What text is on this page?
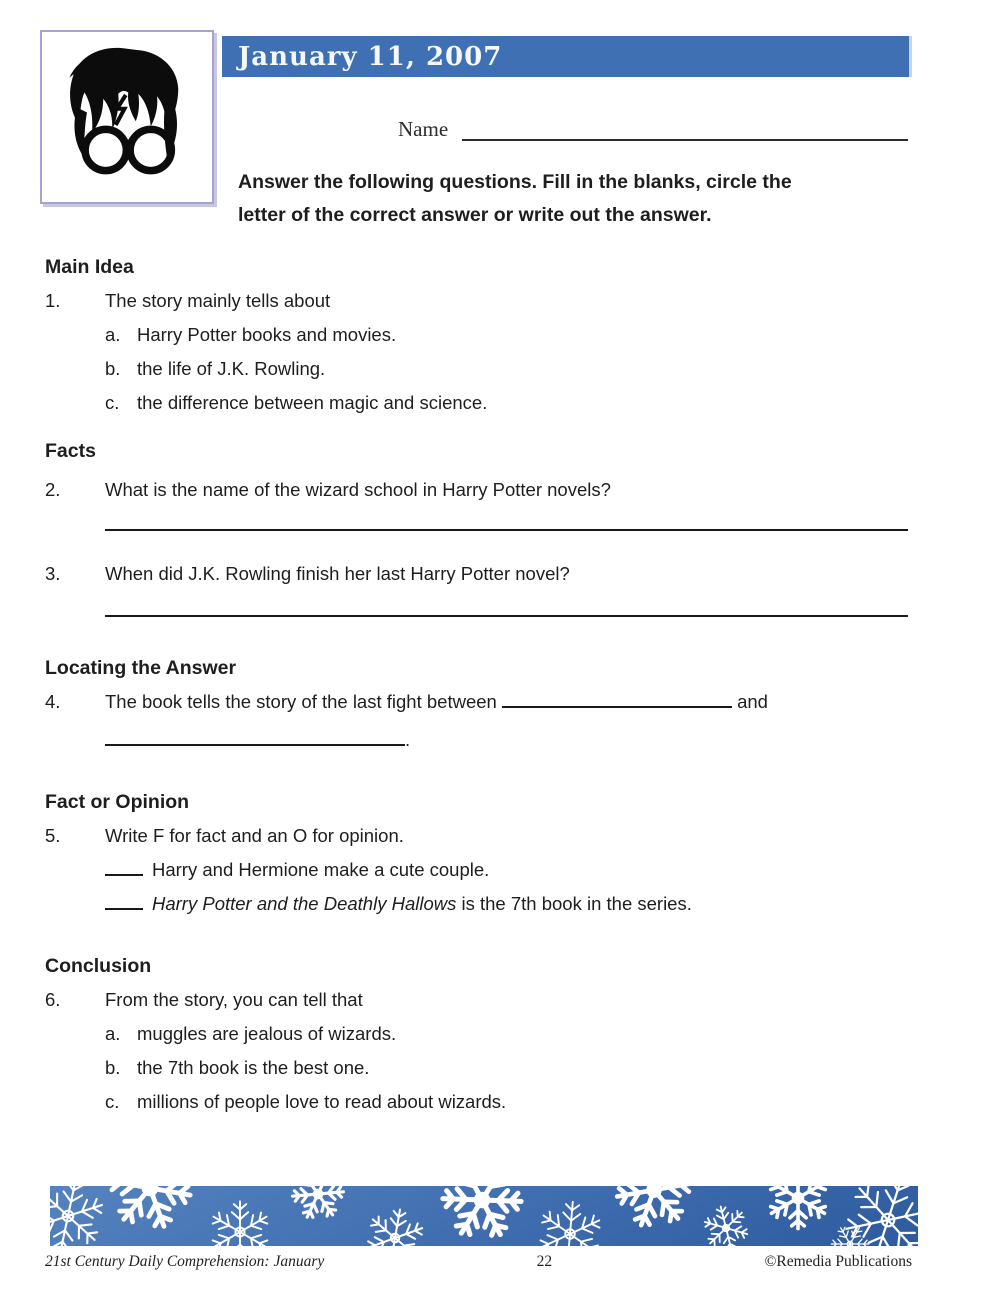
January 11, 2007
Name
Answer the following questions. Fill in the blanks, circle the
letter of the correct answer or write out the answer.
Main Idea
1.	The story mainly tells about
a. Harry Potter books and movies.
b. the life of J.K. Rowling.
c. the difference between magic and science.
Facts
2.	What is the name of the wizard school in Harry Potter novels?
3.	When did J.K. Rowling finish her last Harry Potter novel?
Locating the Answer
4.	The book tells the story of the last fight between	and
.
Fact or Opinion
5.	Write F for fact and an O for opinion.
Harry and Hermione make a cute couple.
Harry Potter and the Deathly Hallows is the 7th book in the series.
Conclusion
6.	From the story, you can tell that
a. muggles are jealous of wizards.
b. the 7th book is the best one.
c. millions of people love to read about wizards.
21st Century Daily Comprehension: January	22	©Remedia Publications
